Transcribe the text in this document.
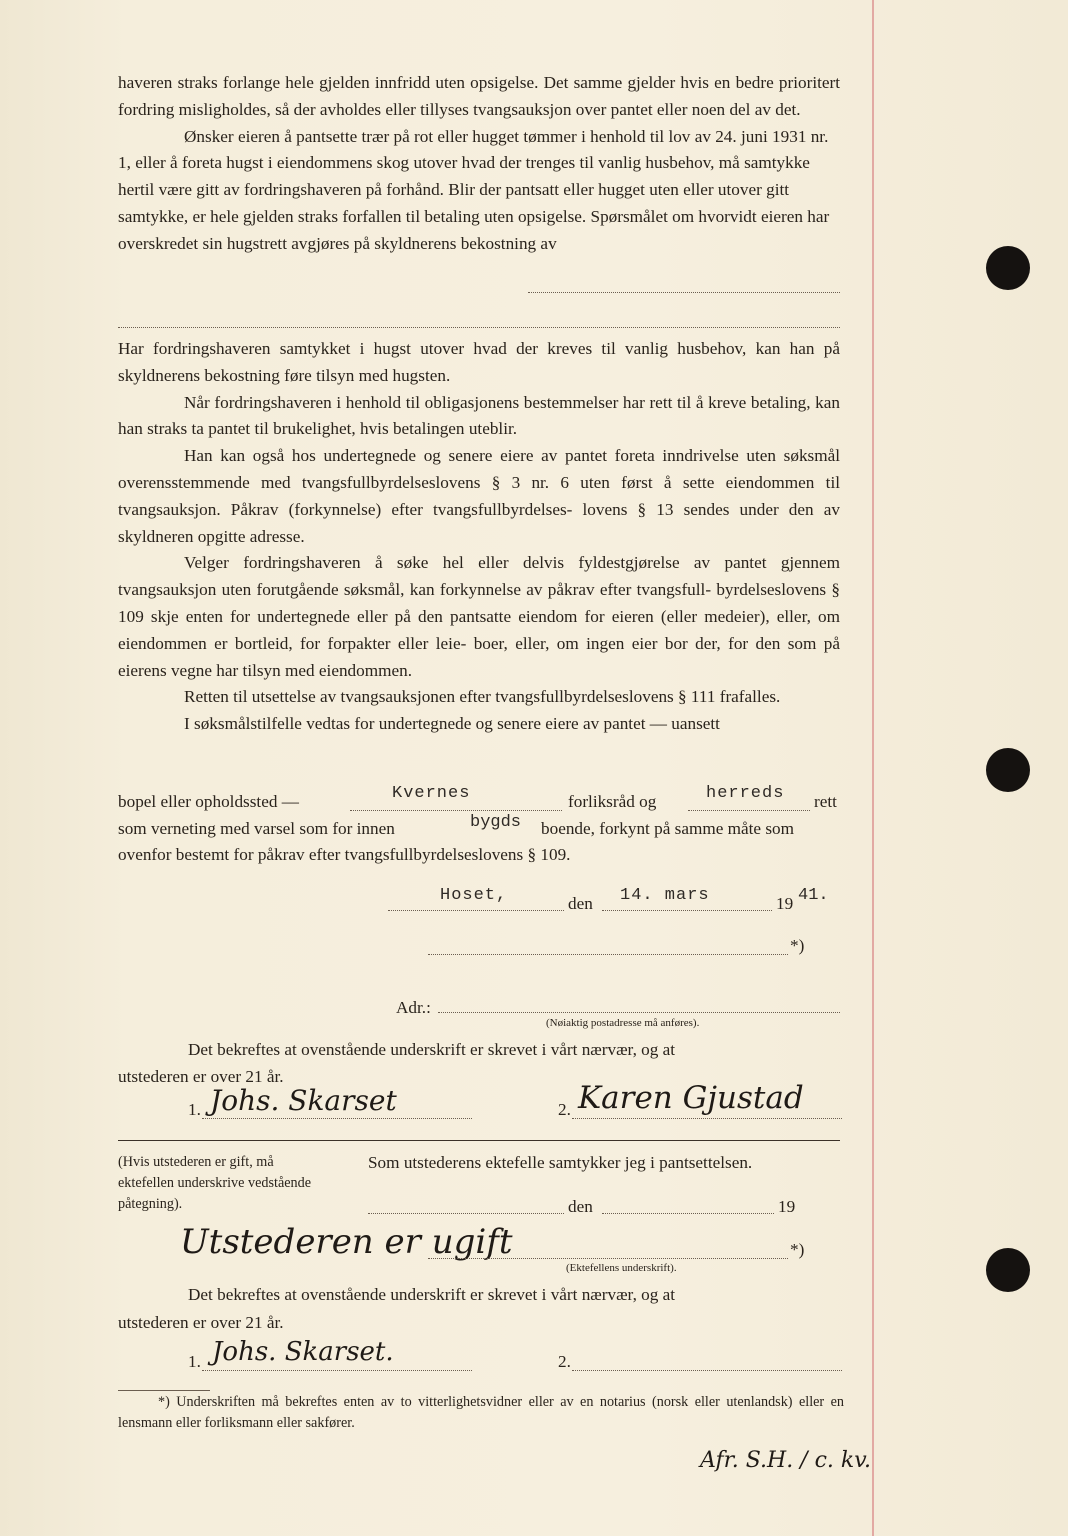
haveren straks forlange hele gjelden innfridd uten opsigelse. Det samme gjelder hvis en bedre prioritert fordring misligholdes, så der avholdes eller tillyses tvangsauksjon over pantet eller noen del av det.

Ønsker eieren å pantsette trær på rot eller hugget tømmer i henhold til lov av 24. juni 1931 nr. 1, eller å foreta hugst i eiendommens skog utover hvad der trenges til vanlig husbehov, må samtykke hertil være gitt av fordringshaveren på forhånd. Blir der pantsatt eller hugget uten eller utover gitt samtykke, er hele gjelden straks forfallen til betaling uten opsigelse. Spørsmålet om hvorvidt eieren har overskredet sin hugstrett avgjøres på skyldnerens bekostning av

Har fordringshaveren samtykket i hugst utover hvad der kreves til vanlig husbehov, kan han på skyldnerens bekostning føre tilsyn med hugsten.

Når fordringshaveren i henhold til obligasjonens bestemmelser har rett til å kreve betaling, kan han straks ta pantet til brukelighet, hvis betalingen uteblir.

Han kan også hos undertegnede og senere eiere av pantet foreta inndrivelse uten søksmål overensstemmende med tvangsfullbyrdelseslovens § 3 nr. 6 uten først å sette eiendommen til tvangsauksjon. Påkrav (forkynnelse) efter tvangsfullbyrdelses- lovens § 13 sendes under den av skyldneren opgitte adresse.

Velger fordringshaveren å søke hel eller delvis fyldestgjørelse av pantet gjennem tvangsauksjon uten forutgående søksmål, kan forkynnelse av påkrav efter tvangsfull- byrdelseslovens § 109 skje enten for undertegnede eller på den pantsatte eiendom for eieren (eller medeier), eller, om eiendommen er bortleid, for forpakter eller leie- boer, eller, om ingen eier bor der, for den som på eierens vegne har tilsyn med eiendommen.

Retten til utsettelse av tvangsauksjonen efter tvangsfullbyrdelseslovens § 111 frafalles.

I søksmålstilfelle vedtas for undertegnede og senere eiere av pantet — uansett

bopel eller opholdssted —	Kvernes	forliksråd og	herreds rett
som verneting med varsel som for innen	bygds boende, forkynt på samme måte som
ovenfor bestemt for påkrav efter tvangsfullbyrdelseslovens § 109.
Hoset,	den 14. mars	19 41.
*)
Adr.:
(Nøiaktig postadresse må anføres).
Det bekreftes at ovenstående underskrift er skrevet i vårt nærvær, og at
utstederen er over 21 år.
1. Johs. Skarset	2. Karen Gjustad
(Hvis utstederen er gift, må ektefellen underskrive vedstående påtegning).
Som utstederens ektefelle samtykker jeg i pantsettelsen.
den	19
Utstederen er ugift	*)
(Ektefellens underskrift).
Det bekreftes at ovenstående underskrift er skrevet i vårt nærvær, og at
utstederen er over 21 år.
1. Johs. Skarset.	2.
*) Underskriften må bekreftes enten av to vitterlighetsvidner eller av en notarius (norsk eller utenlandsk) eller en lensmann eller forliksmann eller sakfører.
Afr. S.H. / c. kv.
